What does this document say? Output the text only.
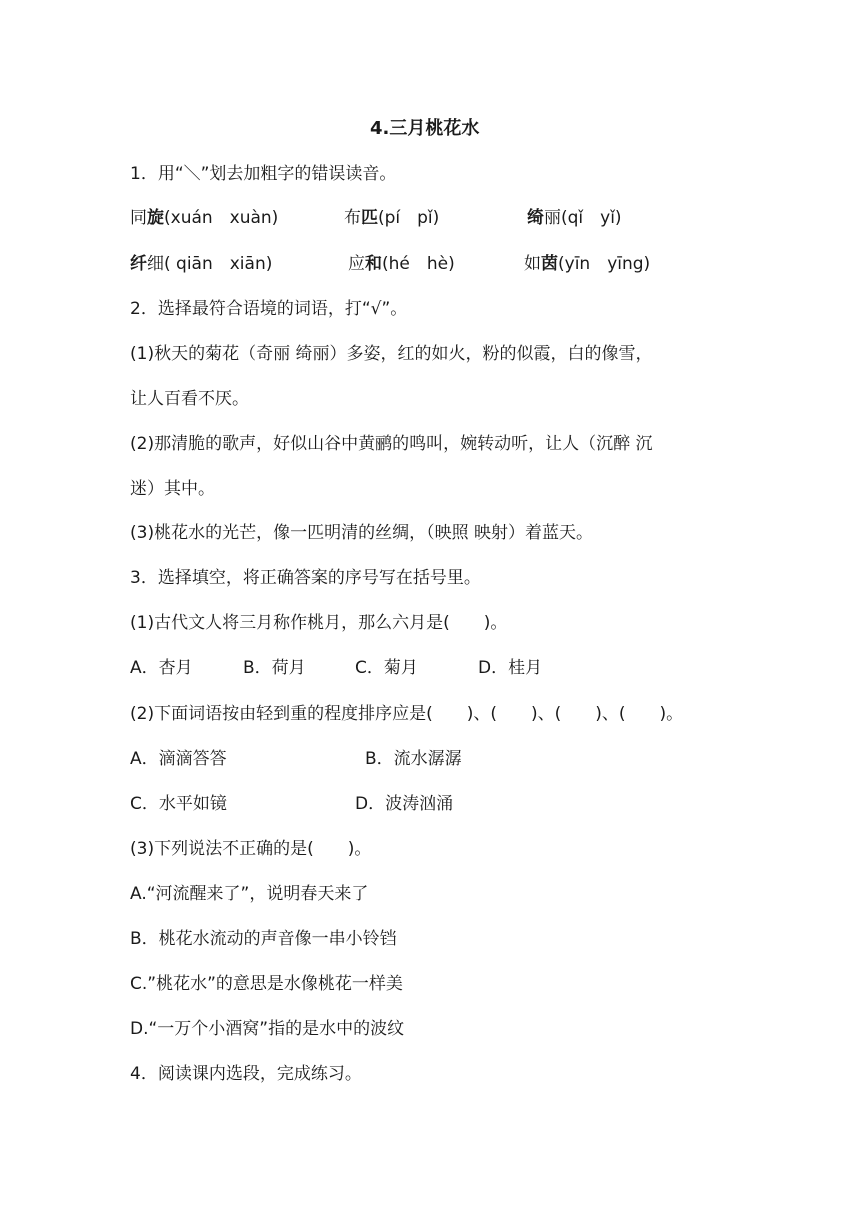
4.三月桃花水
1．用“＼”划去加粗字的错误读音。
同旋(xuán　xuàn)	布匹(pí　pǐ)	绮丽(qǐ　yǐ)
纤细( qiān　xiān)	应和(hé　hè)	如茵(yīn　yīng)
2．选择最符合语境的词语，打“√”。
(1)秋天的菊花（奇丽 绮丽）多姿，红的如火，粉的似霞，白的像雪，
让人百看不厌。
(2)那清脆的歌声，好似山谷中黄鹂的鸣叫，婉转动听，让人（沉醉 沉
迷）其中。
(3)桃花水的光芒，像一匹明清的丝绸，（映照 映射）着蓝天。
3．选择填空，将正确答案的序号写在括号里。
(1)古代文人将三月称作桃月，那么六月是(　　)。
A．杏月	B．荷月	C．菊月	D．桂月
(2)下面词语按由轻到重的程度排序应是(　　)、(　　)、(　　)、(　　)。
A．滴滴答答	B．流水潺潺
C．水平如镜	D．波涛汹涌
(3)下列说法不正确的是(　　)。
A.“河流醒来了”，说明春天来了
B．桃花水流动的声音像一串小铃铛
C.”桃花水”的意思是水像桃花一样美
D.“一万个小酒窝”指的是水中的波纹
4．阅读课内选段，完成练习。
